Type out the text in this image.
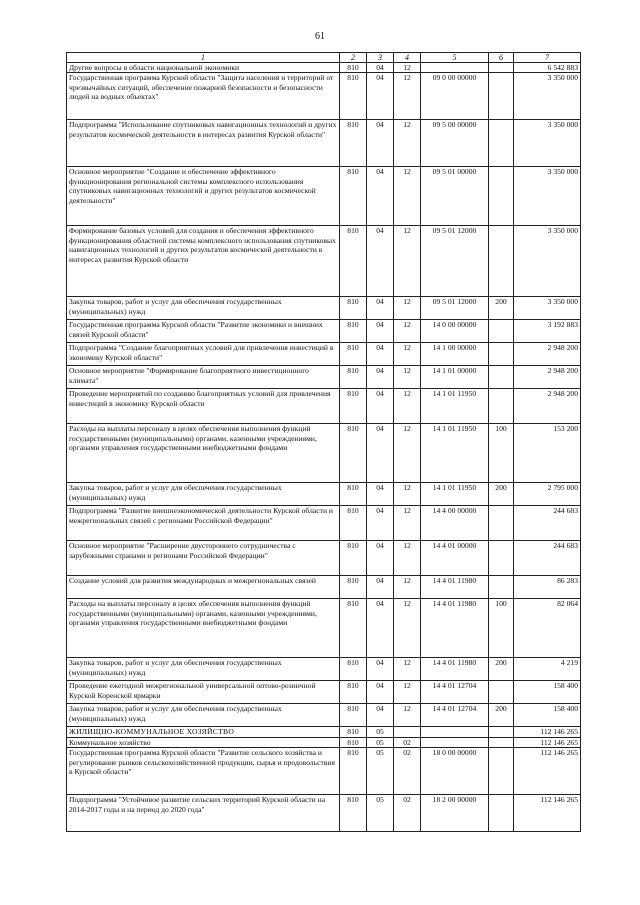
61
1	2	3	4	5	6	7
Другие вопросы в области национальной экономики	810	04	12			6 542 883
Государственная программа Курской области "Защита населения и территорий от чрезвычайных ситуаций, обеспечение пожарной безопасности и безопасности людей на водных объектах"	810	04	12	09 0 00 00000		3 350 000
Подпрограмма "Использование спутниковых навигационных технологий и других результатов космической деятельности в интересах развития Курской области"	810	04	12	09 5 00 00000		3 350 000
Основное мероприятие "Создание и обеспечение эффективного функционирования региональной системы комплексного использования спутниковых навигационных технологий и других результатов космической деятельности"	810	04	12	09 5 01 00000		3 350 000
Формирование базовых условий для создания и обеспечения эффективного функционирования областной системы комплексного использования спутниковых навигационных технологий и других результатов космической деятельности в интересах развития Курской области	810	04	12	09 5 01 12000		3 350 000
Закупка товаров, работ и услуг для обеспечения государственных (муниципальных) нужд	810	04	12	09 5 01 12000	200	3 350 000
Государственная программа Курской области "Развитие экономики и внешних связей Курской области"	810	04	12	14 0 00 00000		3 192 883
Подпрограмма "Создание благоприятных условий для привлечения инвестиций в экономику Курской области"	810	04	12	14 1 00 00000		2 948 200
Основное мероприятие "Формирование благоприятного инвестиционного климата"	810	04	12	14 1 01 00000		2 948 200
Проведение мероприятий по созданию благоприятных условий для привлечения инвестиций в экономику Курской области	810	04	12	14 1 01 11950		2 948 200
Расходы на выплаты персоналу в целях обеспечения выполнения функций государственными (муниципальными) органами, казенными учреждениями, органами управления государственными внебюджетными фондами	810	04	12	14 1 01 11950	100	153 200
Закупка товаров, работ и услуг для обеспечения государственных (муниципальных) нужд	810	04	12	14 1 01 11950	200	2 795 000
Подпрограмма "Развитие внешнеэкономической деятельности Курской области и межрегиональных связей с регионами Российской Федерации"	810	04	12	14 4 00 00000		244 683
Основное мероприятие "Расширение двустороннего сотрудничества с зарубежными странами и регионами Российской Федерации"	810	04	12	14 4 01 00000		244 683
Создание условий для развития международных и межрегиональных связей	810	04	12	14 4 01 11980		86 283
Расходы на выплаты персоналу в целях обеспечения выполнения функций государственными (муниципальными) органами, казенными учреждениями, органами управления государственными внебюджетными фондами	810	04	12	14 4 01 11980	100	82 064
Закупка товаров, работ и услуг для обеспечения государственных (муниципальных) нужд	810	04	12	14 4 01 11980	200	4 219
Проведение ежегодной межрегиональной универсальной оптово-розничной Курской Коренской ярмарки	810	04	12	14 4 01 12704		158 400
Закупка товаров, работ и услуг для обеспечения государственных (муниципальных) нужд	810	04	12	14 4 01 12704	200	158 400
ЖИЛИЩНО-КОММУНАЛЬНОЕ ХОЗЯЙСТВО	810	05				112 146 265
Коммунальное хозяйство	810	05	02			112 146 265
Государственная программа Курской области "Развитие сельского хозяйства и регулирование рынков сельскохозяйственной продукции, сырья и продовольствия в Курской области"	810	05	02	18 0 00 00000		112 146 265
Подпрограмма "Устойчивое развитие сельских территорий Курской области на 2014-2017 годы и на период до 2020 года"	810	05	02	18 2 00 00000		112 146 265
